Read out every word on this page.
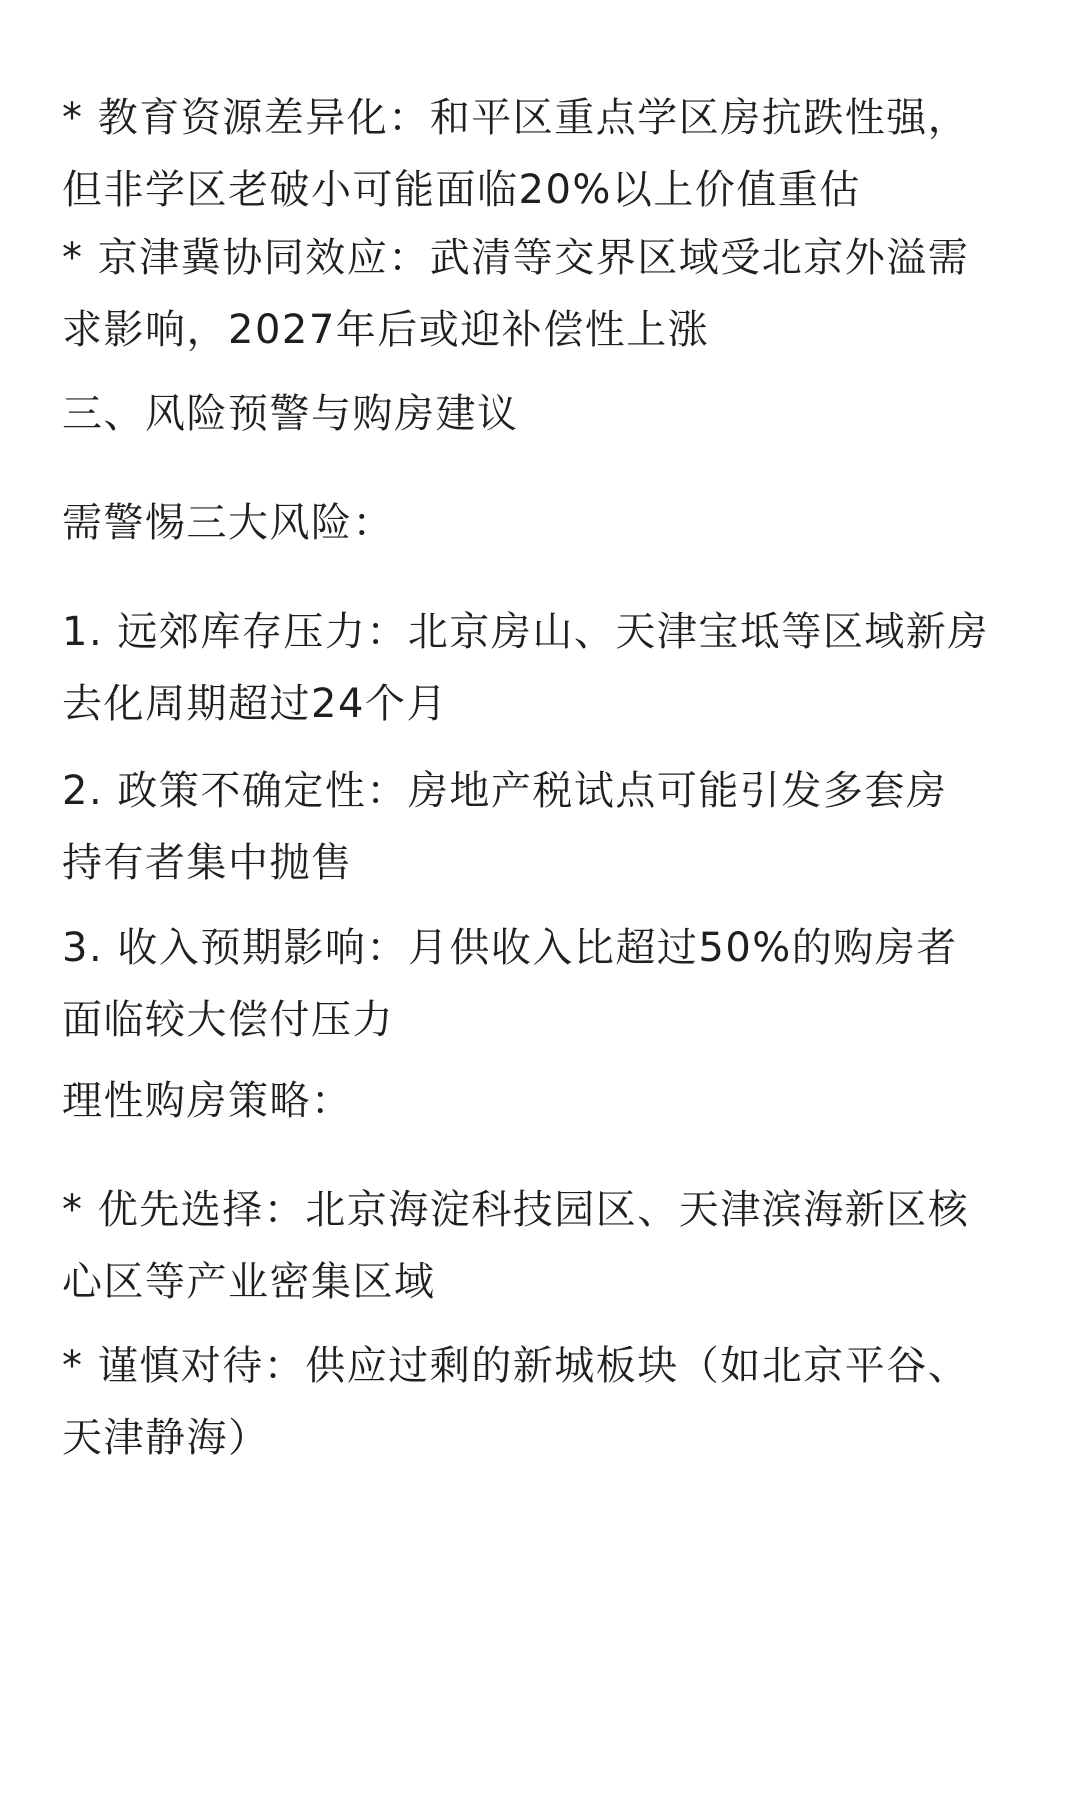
* 教育资源差异化：和平区重点学区房抗跌性强，
但非学区老破小可能面临20%以上价值重估

* 京津冀协同效应：武清等交界区域受北京外溢需
求影响，2027年后或迎补偿性上涨

三、风险预警与购房建议

需警惕三大风险：

1. 远郊库存压力：北京房山、天津宝坻等区域新房
去化周期超过24个月

2. 政策不确定性：房地产税试点可能引发多套房
持有者集中抛售

3. 收入预期影响：月供收入比超过50%的购房者
面临较大偿付压力

理性购房策略：

* 优先选择：北京海淀科技园区、天津滨海新区核
心区等产业密集区域

* 谨慎对待：供应过剩的新城板块（如北京平谷、
天津静海）
